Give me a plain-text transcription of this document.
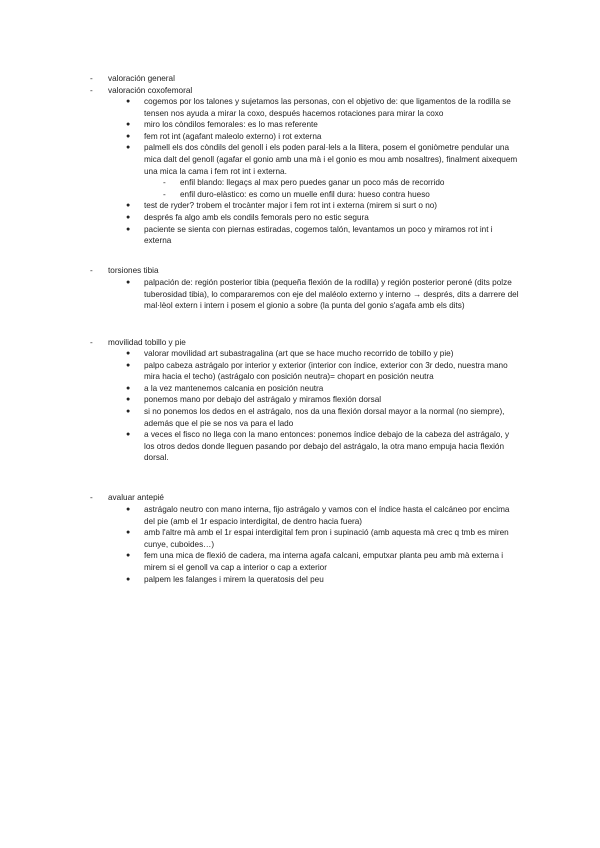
- valoración general
- valoración coxofemoral
● cogemos por los talones y sujetamos las personas, con el objetivo de: que ligamentos de la rodilla se tensen nos ayuda a mirar la coxo, después hacemos rotaciones para mirar la coxo
● miro los còndilos femorales: es lo mas referente
● fem rot int (agafant maleolo externo) i rot externa
● palmell els dos còndils del genoll i els poden paral·lels a la llitera, posem el goniòmetre pendular una mica dalt del genoll (agafar el gonio amb una mà i el gonio es mou amb nosaltres), finalment aixequem una mica la cama i fem rot int i externa.
- enfil blando: llegaçs al max pero puedes ganar un poco más de recorrido
- enfil duro-elàstico: es como un muelle enfil dura: hueso contra hueso
● test de ryder? trobem el trocànter major i fem rot int i externa (mirem si surt o no)
● després fa algo amb els condils femorals pero no estic segura
● paciente se sienta con piernas estiradas, cogemos talón, levantamos un poco y miramos rot int i externa
- torsiones tibia
● palpación de: región posterior tibia (pequeña flexión de la rodilla) y región posterior peroné (dits polze tuberosidad tibia), lo compararemos con eje del maléolo externo y interno → després, dits a darrere del mal·lèol extern i intern i posem el gionio a sobre (la punta del gonio s'agafa amb els dits)
- movilidad tobillo y pie
● valorar movilidad art subastragalina (art que se hace mucho recorrido de tobillo y pie)
● palpo cabeza astrágalo por interior y exterior (interior con índice, exterior con 3r dedo, nuestra mano mira hacia el techo) (astrágalo con posición neutra)= chopart en posición neutra
● a la vez mantenemos calcania en posición neutra
● ponemos mano por debajo del astrágalo y miramos flexión dorsal
● si no ponemos los dedos en el astrágalo, nos da una flexión dorsal mayor a la normal (no siempre), además que el pie se nos va para el lado
● a veces el fisco no llega con la mano entonces: ponemos índice debajo de la cabeza del astrágalo, y los otros dedos donde lleguen pasando por debajo del astrágalo, la otra mano empuja hacia flexión dorsal.
- avaluar antepié
● astrágalo neutro con mano interna, fijo astrágalo y vamos con el índice hasta el calcáneo por encima del pie (amb el 1r espacio interdigital, de dentro hacia fuera)
● amb l'altre mà amb el 1r espai interdigital fem pron i supinació (amb aquesta mà crec q tmb es miren cunye, cuboides…)
● fem una mica de flexió de cadera, ma interna agafa calcani, emputxar planta peu amb mà externa i mirem si el genoll va cap a interior o cap a exterior
● palpem les falanges i mirem la queratosis del peu
